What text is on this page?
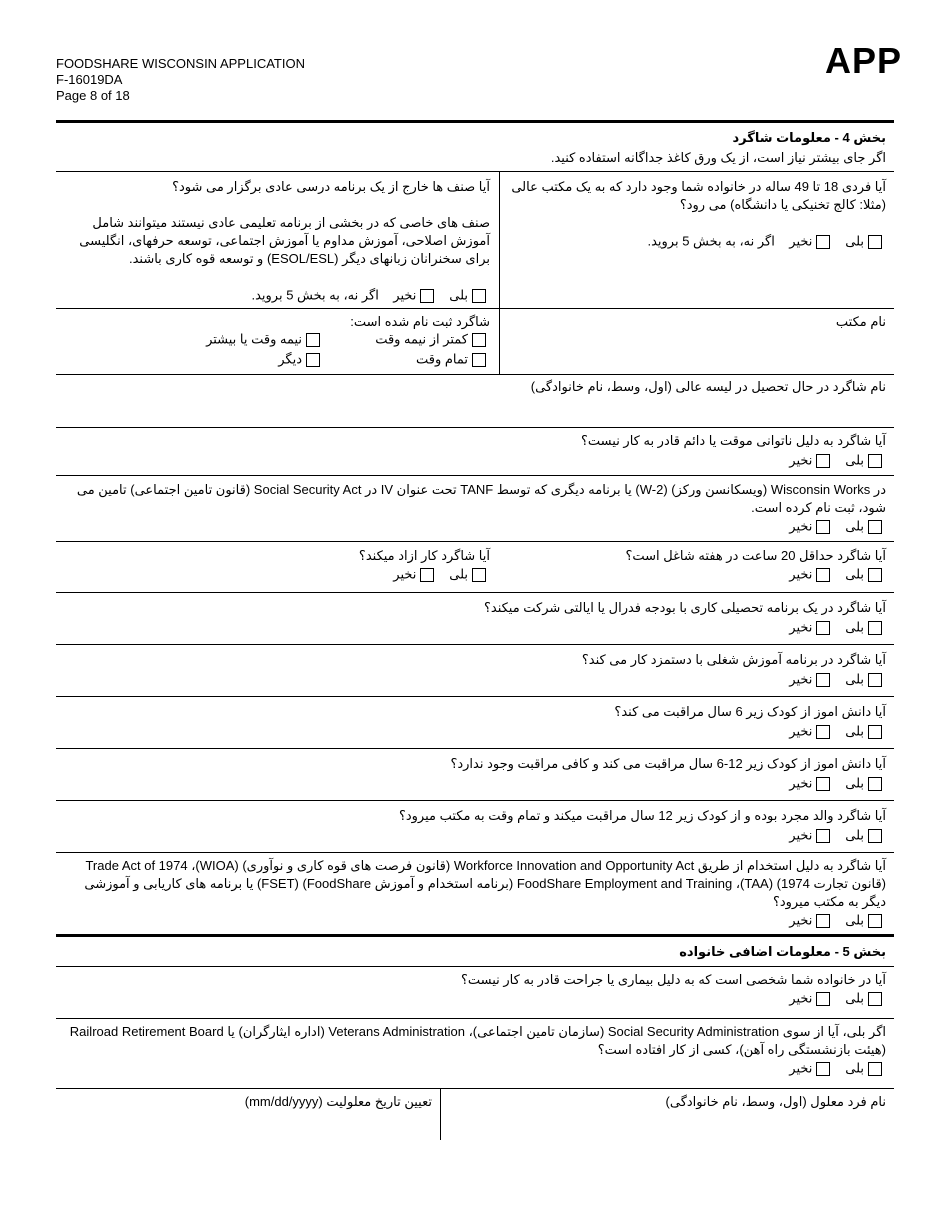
FOODSHARE WISCONSIN APPLICATION
F-16019DA
Page 8 of 18
APP
بخش 4 - معلومات شاگرد
اگر جای بیشتر نیاز است، از یک ورق کاغذ جداگانه استفاده کنید.
آیا فردی 18 تا 49 ساله در خانواده شما وجود دارد که به یک مکتب عالی (مثلا: کالج تخنیکی یا دانشگاه) می رود؟
بلی   نخیر    اگر نه، به بخش 5 بروید.
آیا صنف ها خارج از یک برنامه درسی عادی برگزار می شود؟
صنف های خاصی که در بخشی از برنامه تعلیمی عادی نیستند میتوانند شامل آموزش اصلاحی، آموزش مداوم یا آموزش اجتماعی، توسعه حرفهای، انگلیسی برای سخنرانان زبانهای دیگر (ESOL/ESL) و توسعه قوه کاری باشند.
بلی   نخیر    اگر نه، به بخش 5 بروید.
نام مکتب
شاگرد ثبت نام شده است:
کمتر از نیمه وقت
نیمه وقت یا بیشتر
تمام وقت
دیگر
نام شاگرد در حال تحصیل در لیسه عالی (اول، وسط، نام خانوادگی)
آیا شاگرد به دلیل ناتوانی موقت یا دائم قادر به کار نیست؟
بلی   نخیر
در Wisconsin Works (ویسکانسن ورکز) (W-2) یا برنامه دیگری که توسط TANF تحت عنوان IV در Social Security Act (قانون تامین اجتماعی) تامین می شود، ثبت نام کرده است.
بلی   نخیر
آیا شاگرد حداقل 20 ساعت در هفته شاغل است؟
بلی   نخیر
آیا شاگرد کار ازاد میکند؟
بلی   نخیر
آیا شاگرد در یک برنامه تحصیلی کاری با بودجه فدرال یا ایالتی شرکت میکند؟
بلی   نخیر
آیا شاگرد در برنامه آموزش شغلی با دستمزد کار می کند؟
بلی   نخیر
آیا دانش اموز از کودک زیر 6 سال مراقبت می کند؟
بلی   نخیر
آیا دانش اموز از کودک زیر 12-6 سال مراقبت می کند و کافی مراقبت وجود ندارد؟
بلی   نخیر
آیا شاگرد والد مجرد بوده و از کودک زیر 12 سال مراقبت میکند و تمام وقت به مکتب میرود؟
بلی   نخیر
آیا شاگرد به دلیل استخدام از طریق Workforce Innovation and Opportunity Act (قانون فرصت های قوه کاری و نوآوری) (WIOA)، Trade Act of 1974 (قانون تجارت 1974) (TAA)، FoodShare Employment and Training (برنامه استخدام و آموزش FoodShare) (FSET) یا برنامه های کاریابی و آموزشی دیگر به مکتب میرود؟
بلی   نخیر
بخش 5 - معلومات اضافی خانواده
آیا در خانواده شما شخصی است که به دلیل بیماری یا جراحت قادر به کار نیست؟
بلی   نخیر
اگر بلی، آیا از سوی Social Security Administration (سازمان تامین اجتماعی)، Veterans Administration (اداره ایثارگران) یا Railroad Retirement Board (هیئت بازنشستگی راه آهن)، کسی از کار افتاده است؟
بلی   نخیر
نام فرد معلول (اول، وسط، نام خانوادگی)
تعیین تاریخ معلولیت (mm/dd/yyyy)
